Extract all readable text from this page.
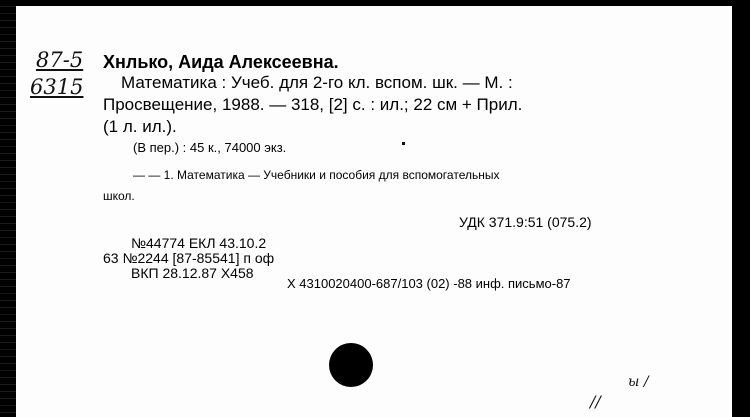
87-5
6315
Хнлько, Аида Алексеевна.
Математика : Учеб. для 2-го кл. вспом. шк. — М. :
Просвещение, 1988. — 318, [2] с. : ил.; 22 см + Прил.
(1 л. ил.).
(В пер.) : 45 к., 74000 экз.
— — 1. Математика — Учебники и пособия для вспомогательных
школ.
УДК 371.9:51 (075.2)
№44774 ЕКЛ 43.10.2
63 №2244 [87-85541] п оф
ВКП 28.12.87 Х458
Х 4310020400-687/103 (02) -88 инф. письмо-87
ы /
//
